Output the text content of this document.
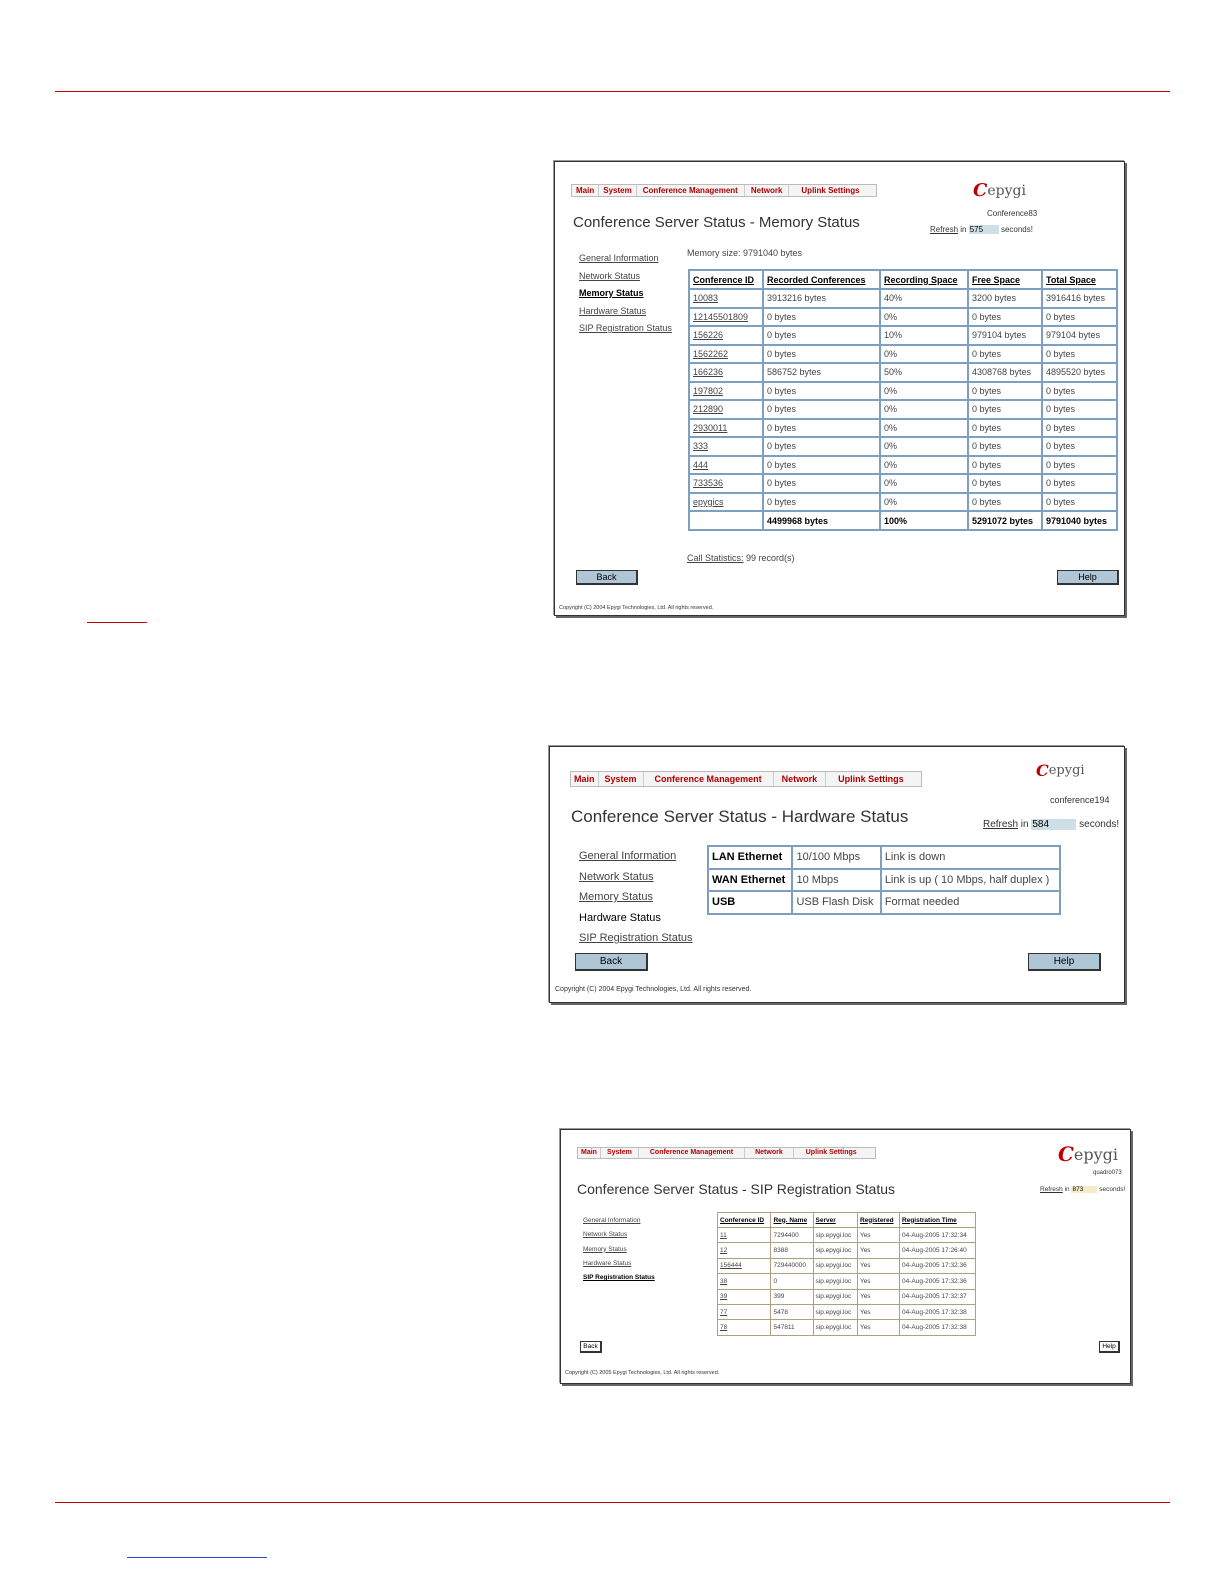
Main	System	Conference Management	Network	Uplink Settings	C epygi
Conference83
Refresh in 575 seconds!
Conference Server Status - Memory Status
General Information
Network Status
Memory Status
Hardware Status
SIP Registration Status
Memory size: 9791040 bytes
Conference ID	Recorded Conferences	Recording Space	Free Space	Total Space
10083	3913216 bytes	40%	3200 bytes	3916416 bytes
12145501809	0 bytes	0%	0 bytes	0 bytes
156226	0 bytes	10%	979104 bytes	979104 bytes
1562262	0 bytes	0%	0 bytes	0 bytes
166236	586752 bytes	50%	4308768 bytes	4895520 bytes
197802	0 bytes	0%	0 bytes	0 bytes
212890	0 bytes	0%	0 bytes	0 bytes
2930011	0 bytes	0%	0 bytes	0 bytes
333	0 bytes	0%	0 bytes	0 bytes
444	0 bytes	0%	0 bytes	0 bytes
733536	0 bytes	0%	0 bytes	0 bytes
epygics	0 bytes	0%	0 bytes	0 bytes
	4499968 bytes	100%	5291072 bytes	9791040 bytes
Call Statistics: 99 record(s)
Back	Help
Copyright (C) 2004 Epygi Technologies, Ltd. All rights reserved.
Main	System	Conference Management	Network	Uplink Settings	C epygi
conference194
Refresh in 584	seconds!
Conference Server Status - Hardware Status
General Information
Network Status
Memory Status
Hardware Status
SIP Registration Status
LAN Ethernet	10/100 Mbps	Link is down
WAN Ethernet	10 Mbps	Link is up ( 10 Mbps, half duplex )
USB	USB Flash Disk	Format needed
Back	Help
Copyright (C) 2004 Epygi Technologies, Ltd. All rights reserved.
Main	System	Conference Management	Network	Uplink Settings	C epygi
quadro073
Refresh in 873 seconds!
Conference Server Status - SIP Registration Status
General Information
Network Status
Memory Status
Hardware Status
SIP Registration Status
Conference ID	Reg. Name	Server	Registered	Registration Time
11	7294400	sip.epygi.loc	Yes	04-Aug-2005 17:32:34
12	8388	sip.epygi.loc	Yes	04-Aug-2005 17:26:40
156444	729440000	sip.epygi.loc	Yes	04-Aug-2005 17:32:36
38	0	sip.epygi.loc	Yes	04-Aug-2005 17:32:36
39	399	sip.epygi.loc	Yes	04-Aug-2005 17:32:37
77	5478	sip.epygi.loc	Yes	04-Aug-2005 17:32:38
78	547811	sip.epygi.loc	Yes	04-Aug-2005 17:32:38
Back	Help
Copyright (C) 2005 Epygi Technologies, Ltd. All rights reserved.
